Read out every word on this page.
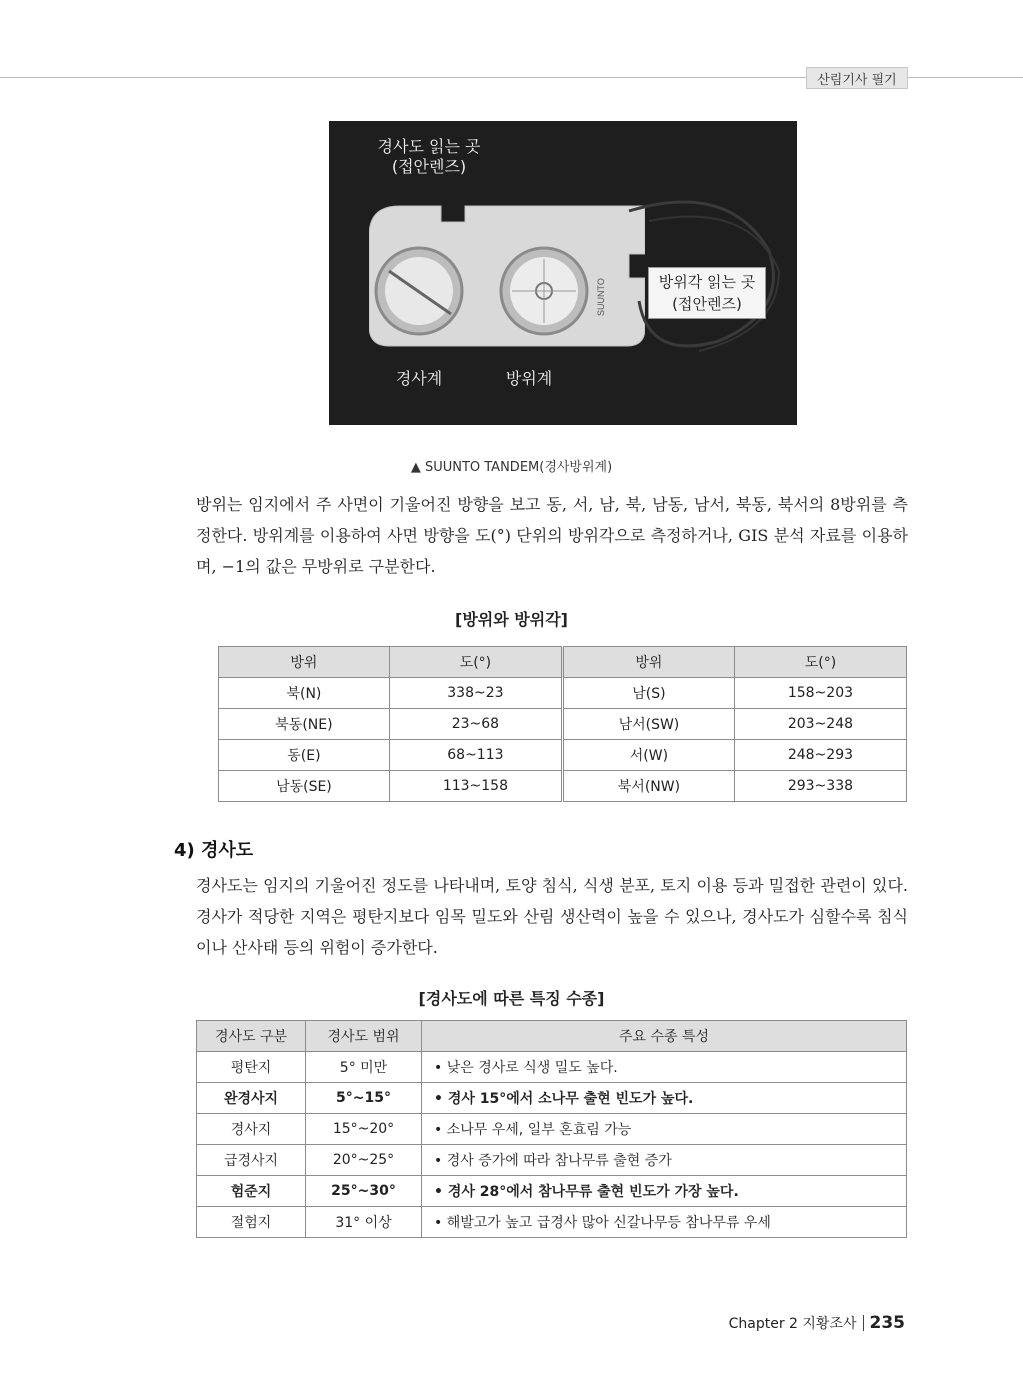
산림기사 필기
경사도 읽는 곳
(접안렌즈)
SUUNTO	방위각 읽는 곳
(접안렌즈)
경사계	방위계
▲ SUUNTO TANDEM(경사방위계)
방위는 임지에서 주 사면이 기울어진 방향을 보고 동, 서, 남, 북, 남동, 남서, 북동, 북서의 8방위를 측정한다. 방위계를 이용하여 사면 방향을 도(°) 단위의 방위각으로 측정하거나, GIS 분석 자료를 이용하며, −1의 값은 무방위로 구분한다.
[방위와 방위각]
방위	도(°)	방위	도(°)
북(N)	338~23	남(S)	158~203
북동(NE)	23~68	남서(SW)	203~248
동(E)	68~113	서(W)	248~293
남동(SE)	113~158	북서(NW)	293~338
4) 경사도
경사도는 임지의 기울어진 정도를 나타내며, 토양 침식, 식생 분포, 토지 이용 등과 밀접한 관련이 있다. 경사가 적당한 지역은 평탄지보다 임목 밀도와 산림 생산력이 높을 수 있으나, 경사도가 심할수록 침식이나 산사태 등의 위험이 증가한다.
[경사도에 따른 특징 수종]
경사도 구분	경사도 범위	주요 수종 특성
평탄지	5° 미만	• 낮은 경사로 식생 밀도 높다.
완경사지	5°~15°	• 경사 15°에서 소나무 출현 빈도가 높다.
경사지	15°~20°	• 소나무 우세, 일부 혼효림 가능
급경사지	20°~25°	• 경사 증가에 따라 참나무류 출현 증가
험준지	25°~30°	• 경사 28°에서 참나무류 출현 빈도가 가장 높다.
절험지	31° 이상	• 해발고가 높고 급경사 많아 신갈나무등 참나무류 우세
Chapter 2 지황조사 235
